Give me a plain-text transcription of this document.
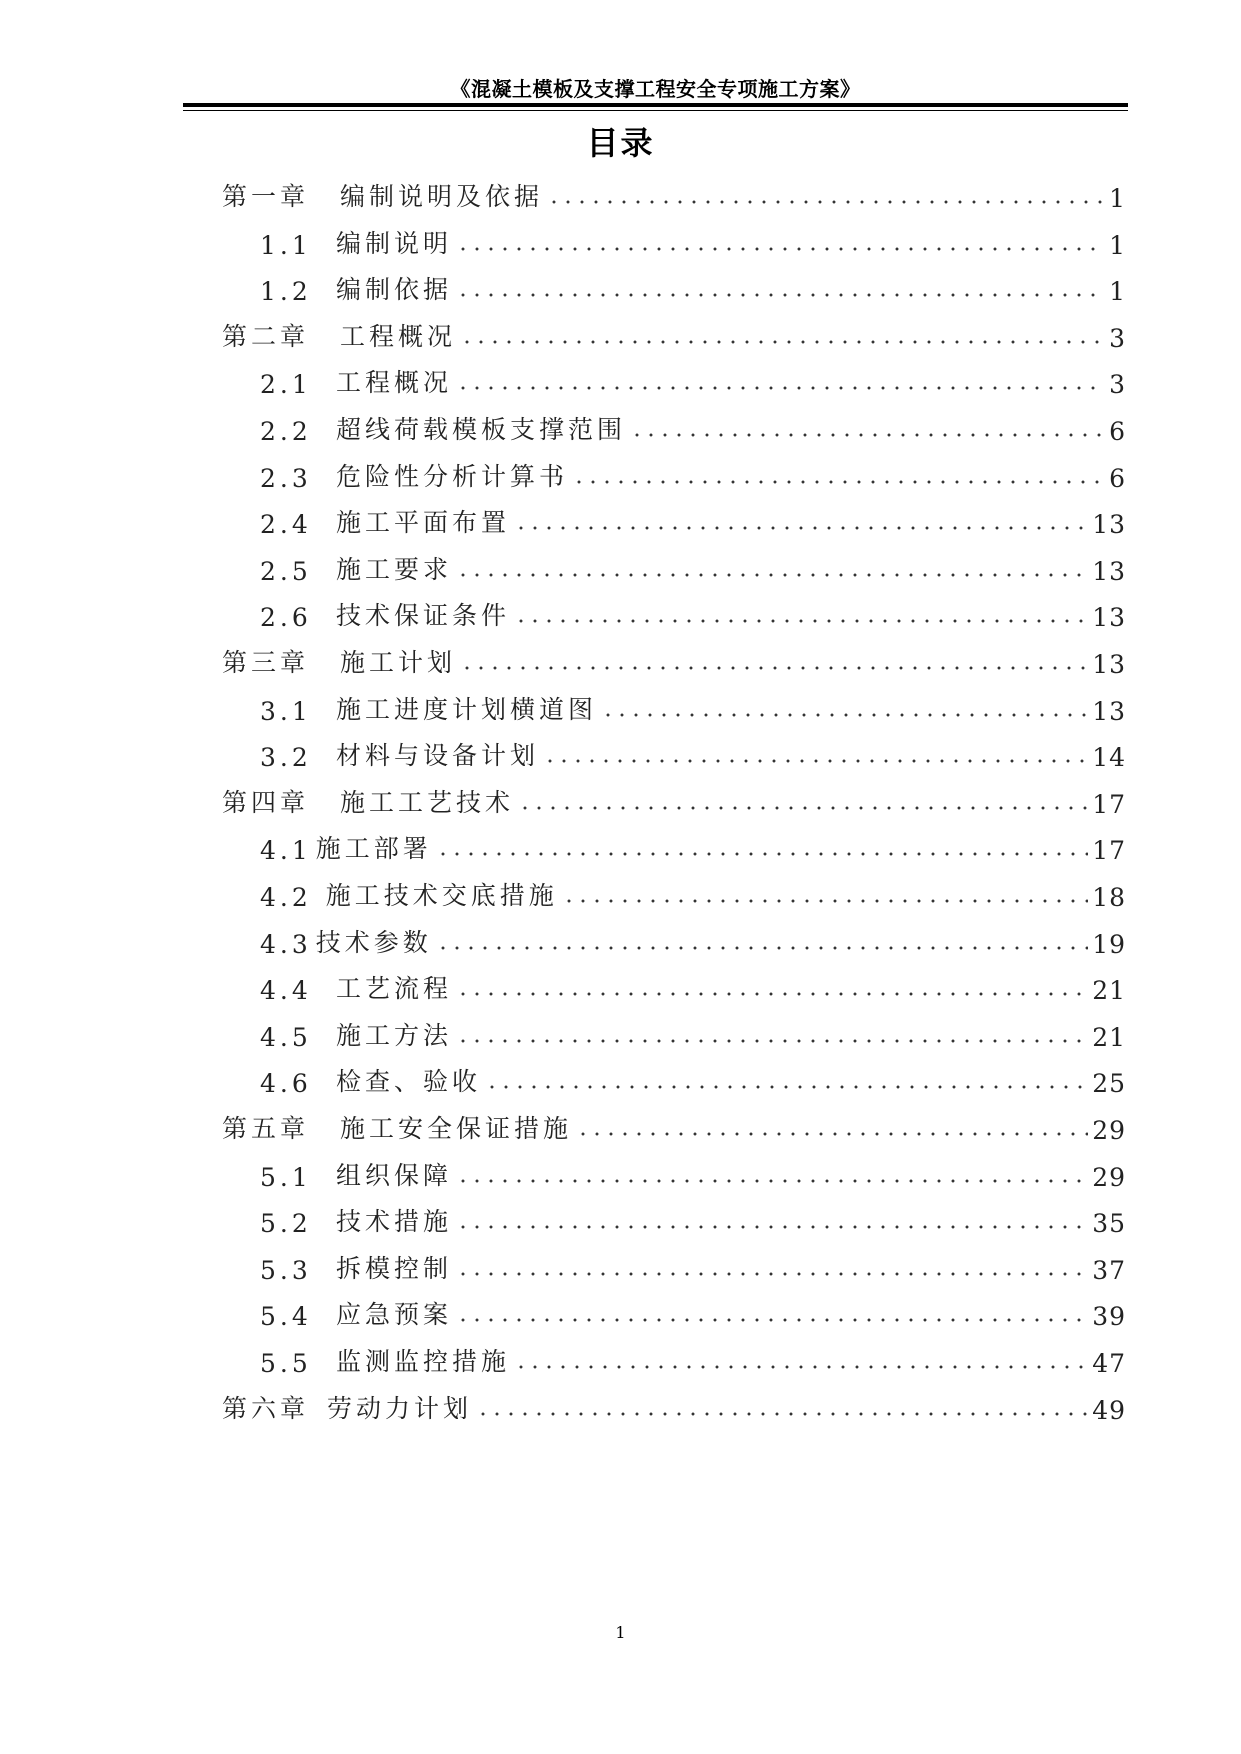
《混凝土模板及支撑工程安全专项施工方案》
目录
第一章	编制说明及依据	1
1.1 编制说明	1
1.2 编制依据	1
第二章	工程概况	3
2.1 工程概况	3
2.2 超线荷载模板支撑范围	6
2.3 危险性分析计算书	6
2.4 施工平面布置	13
2.5 施工要求	13
2.6 技术保证条件	13
第三章	施工计划	13
3.1 施工进度计划横道图	13
3.2 材料与设备计划	14
第四章	施工工艺技术	17
4.1 施工部署	17
4.2 施工技术交底措施	18
4.3 技术参数	19
4.4 工艺流程	21
4.5 施工方法	21
4.6 检查、验收	25
第五章	施工安全保证措施	29
5.1 组织保障	29
5.2 技术措施	35
5.3 拆模控制	37
5.4 应急预案	39
5.5 监测监控措施	47
第六章 劳动力计划	49
1
